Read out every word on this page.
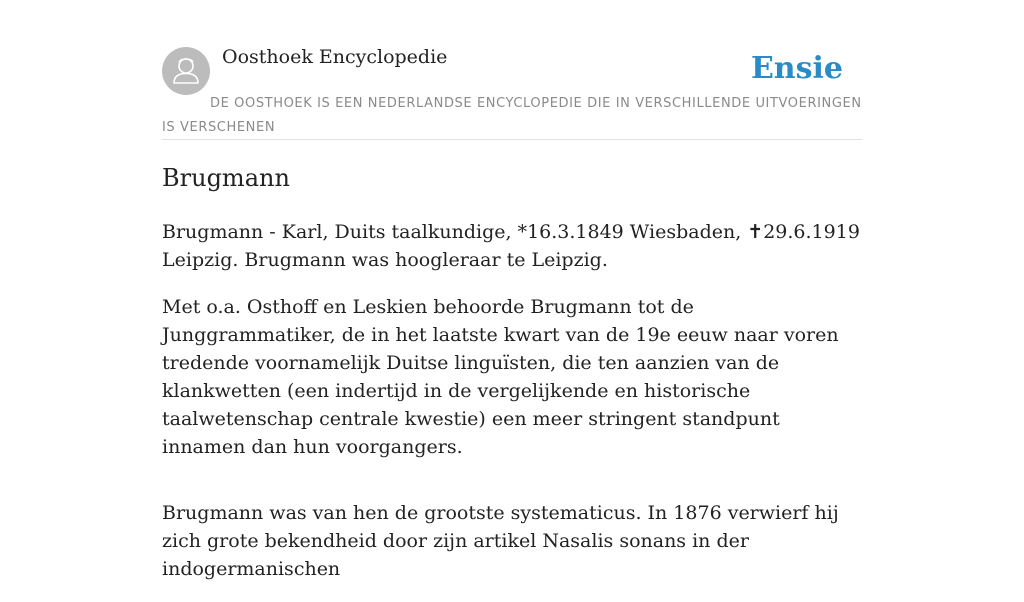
Oosthoek Encyclopedie	Ensie

DE OOSTHOEK IS EEN NEDERLANDSE ENCYCLOPEDIE DIE IN VERSCHILLENDE UITVOERINGEN IS VERSCHENEN

Brugmann

Brugmann - Karl, Duits taalkundige, *16.3.1849 Wiesbaden, ✝29.6.1919 Leipzig. Brugmann was hoogleraar te Leipzig.

Met o.a. Osthoff en Leskien behoorde Brugmann tot de Junggrammatiker, de in het laatste kwart van de 19e eeuw naar voren tredende voornamelijk Duitse linguïsten, die ten aanzien van de klankwetten (een indertijd in de vergelijkende en historische taalwetenschap centrale kwestie) een meer stringent standpunt innamen dan hun voorgangers.

Brugmann was van hen de grootste systematicus. In 1876 verwierf hij zich grote bekendheid door zijn artikel Nasalis sonans in der indogermanischen
